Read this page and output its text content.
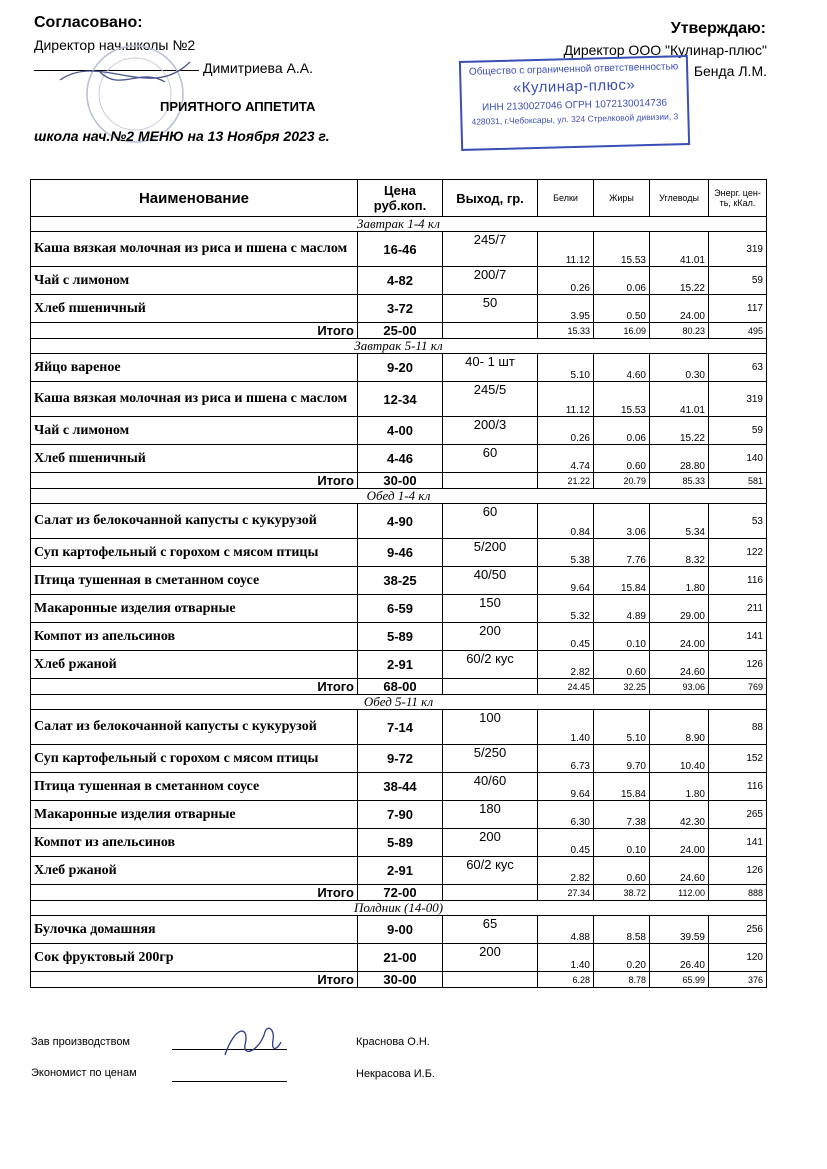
Согласовано:
Директор нач.школы №2
Димитриева А.А.
ПРИЯТНОГО АППЕТИТА
школа нач.№2 МЕНЮ на 13 Ноября 2023 г.
Утверждаю:
Директор ООО "Кулинар-плюс"
Бенда Л.М.
Общество с ограниченной ответственностью
«Кулинар-плюс»
ИНН 2130027046 ОГРН 1072130014736
428031, г.Чебоксары, ул. 324 Стрелковой дивизии, 3
Наименование	Цена руб.коп.	Выход, гр.	Белки	Жиры	Углеводы	Энерг. цен-ть, кКал.
Завтрак 1-4 кл						
Каша вязкая молочная из риса и пшена с маслом	16-46	245/7	11.12	15.53	41.01	319
Чай с лимоном	4-82	200/7	0.26	0.06	15.22	59
Хлеб пшеничный	3-72	50	3.95	0.50	24.00	117
Итого	25-00		15.33	16.09	80.23	495
Завтрак 5-11 кл						
Яйцо вареное	9-20	40- 1 шт	5.10	4.60	0.30	63
Каша вязкая молочная из риса и пшена с маслом	12-34	245/5	11.12	15.53	41.01	319
Чай с лимоном	4-00	200/3	0.26	0.06	15.22	59
Хлеб пшеничный	4-46	60	4.74	0.60	28.80	140
Итого	30-00		21.22	20.79	85.33	581
Обед 1-4 кл						
Салат из белокочанной капусты с кукурузой	4-90	60	0.84	3.06	5.34	53
Суп картофельный с горохом с мясом птицы	9-46	5/200	5.38	7.76	8.32	122
Птица тушенная в сметанном соусе	38-25	40/50	9.64	15.84	1.80	116
Макаронные изделия отварные	6-59	150	5.32	4.89	29.00	211
Компот из апельсинов	5-89	200	0.45	0.10	24.00	141
Хлеб ржаной	2-91	60/2 кус	2.82	0.60	24.60	126
Итого	68-00		24.45	32.25	93.06	769
Обед 5-11 кл						
Салат из белокочанной капусты с кукурузой	7-14	100	1.40	5.10	8.90	88
Суп картофельный с горохом с мясом птицы	9-72	5/250	6.73	9.70	10.40	152
Птица тушенная в сметанном соусе	38-44	40/60	9.64	15.84	1.80	116
Макаронные изделия отварные	7-90	180	6.30	7.38	42.30	265
Компот из апельсинов	5-89	200	0.45	0.10	24.00	141
Хлеб ржаной	2-91	60/2 кус	2.82	0.60	24.60	126
Итого	72-00		27.34	38.72	112.00	888
Полдник (14-00)						
Булочка домашняя	9-00	65	4.88	8.58	39.59	256
Сок фруктовый 200гр	21-00	200	1.40	0.20	26.40	120
Итого	30-00		6.28	8.78	65.99	376
Зав производством	Краснова О.Н.
Экономист по ценам	Некрасова И.Б.
